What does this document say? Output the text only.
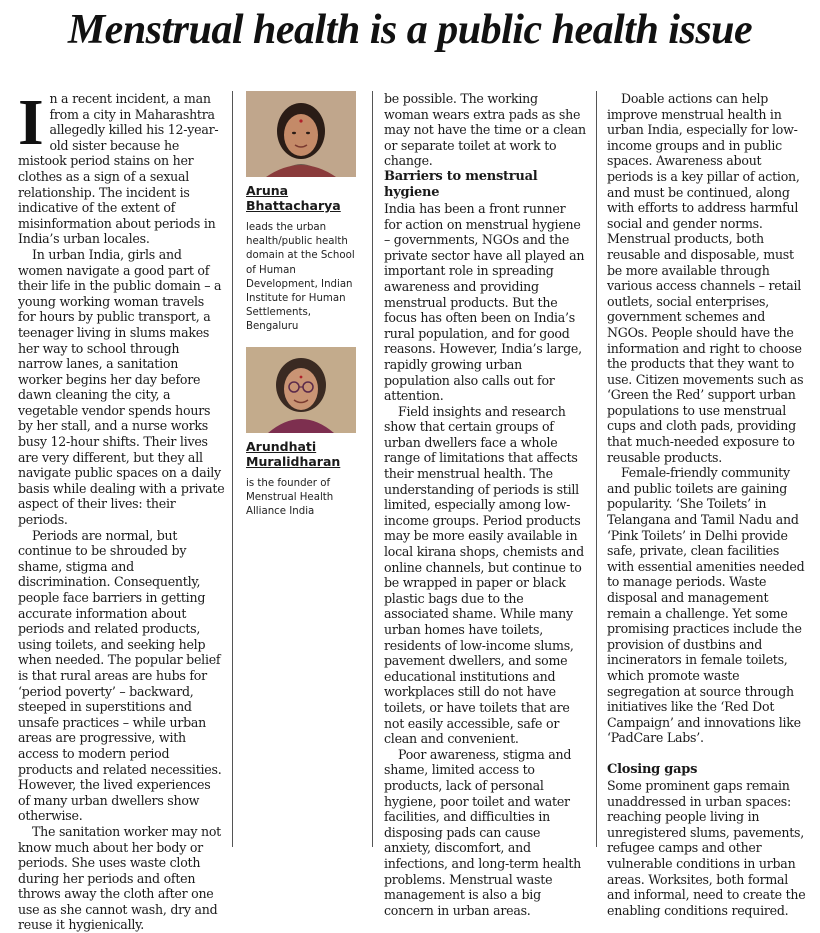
Menstrual health is a public health issue

In a recent incident, a man from a city in Maharashtra allegedly killed his 12-year-old sister because he mistook period stains on her clothes as a sign of a sexual relationship. The incident is indicative of the extent of misinformation about periods in India’s urban locales.

In urban India, girls and women navigate a good part of their life in the public domain – a young working woman travels for hours by public transport, a teenager living in slums makes her way to school through narrow lanes, a sanitation worker begins her day before dawn cleaning the city, a vegetable vendor spends hours by her stall, and a nurse works busy 12-hour shifts. Their lives are very different, but they all navigate public spaces on a daily basis while dealing with a private aspect of their lives: their periods.

Periods are normal, but continue to be shrouded by shame, stigma and discrimination. Consequently, people face barriers in getting accurate information about periods and related products, using toilets, and seeking help when needed. The popular belief is that rural areas are hubs for ‘period poverty’ – backward, steeped in superstitions and unsafe practices – while urban areas are progressive, with access to modern period products and related necessities. However, the lived experiences of many urban dwellers show otherwise.

The sanitation worker may not know much about her body or periods. She uses waste cloth during her periods and often throws away the cloth after one use as she cannot wash, dry and reuse it hygienically.

Aruna
Bhattacharya
leads the urban health/public health domain at the School of Human Development, Indian Institute for Human Settlements, Bengaluru
Arundhati
Muralidharan
is the founder of Menstrual Health Alliance India

be possible. The working woman wears extra pads as she may not have the time or a clean or separate toilet at work to change.

Barriers to menstrual hygiene

India has been a front runner for action on menstrual hygiene – governments, NGOs and the private sector have all played an important role in spreading awareness and providing menstrual products. But the focus has often been on India’s rural population, and for good reasons. However, India’s large, rapidly growing urban population also calls out for attention.

Field insights and research show that certain groups of urban dwellers face a whole range of limitations that affects their menstrual health. The understanding of periods is still limited, especially among low-income groups. Period products may be more easily available in local kirana shops, chemists and online channels, but continue to be wrapped in paper or black plastic bags due to the associated shame. While many urban homes have toilets, residents of low-income slums, pavement dwellers, and some educational institutions and workplaces still do not have toilets, or have toilets that are not easily accessible, safe or clean and convenient.

Poor awareness, stigma and shame, limited access to products, lack of personal hygiene, poor toilet and water facilities, and difficulties in disposing pads can cause anxiety, discomfort, and infections, and long-term health problems. Menstrual waste management is also a big concern in urban areas.

Doable actions can help improve menstrual health in urban India, especially for low-income groups and in public spaces. Awareness about periods is a key pillar of action, and must be continued, along with efforts to address harmful social and gender norms. Menstrual products, both reusable and disposable, must be more available through various access channels – retail outlets, social enterprises, government schemes and NGOs. People should have the information and right to choose the products that they want to use. Citizen movements such as ‘Green the Red’ support urban populations to use menstrual cups and cloth pads, providing that much-needed exposure to reusable products.

Female-friendly community and public toilets are gaining popularity. ‘She Toilets’ in Telangana and Tamil Nadu and ‘Pink Toilets’ in Delhi provide safe, private, clean facilities with essential amenities needed to manage periods. Waste disposal and management remain a challenge. Yet some promising practices include the provision of dustbins and incinerators in female toilets, which promote waste segregation at source through initiatives like the ‘Red Dot Campaign’ and innovations like ‘PadCare Labs’.

Closing gaps

Some prominent gaps remain unaddressed in urban spaces: reaching people living in unregistered slums, pavements, refugee camps and other vulnerable conditions in urban areas. Worksites, both formal and informal, need to create the enabling conditions required.
